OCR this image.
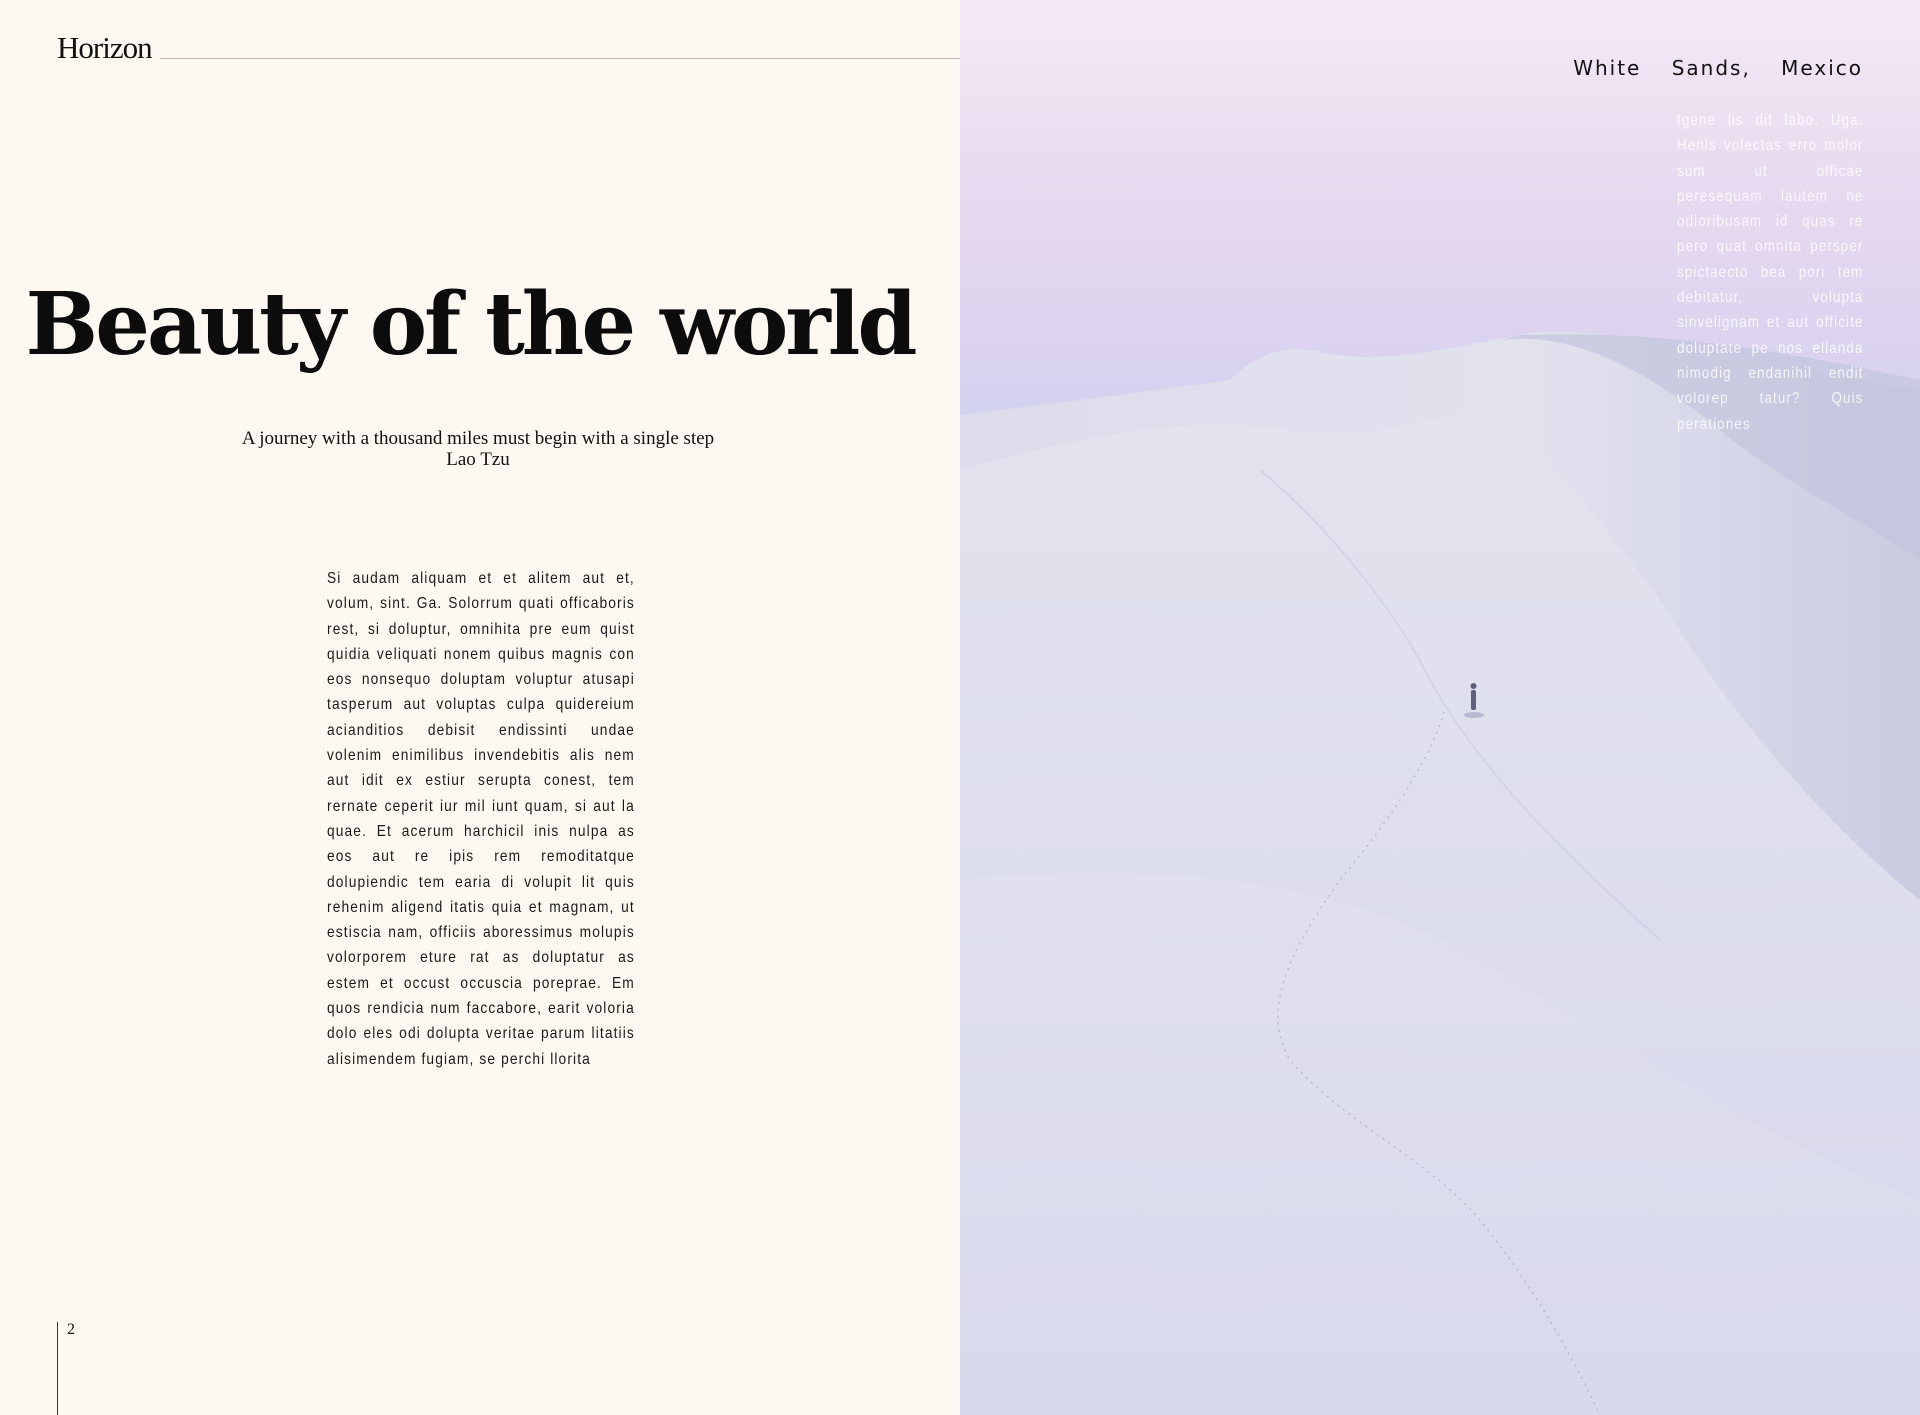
Horizon
Beauty of the world
A journey with a thousand miles must begin with a single step
Lao Tzu
Si audam aliquam et et alitem aut et, volum, sint. Ga. Solorrum quati officaboris rest, si doluptur, omnihita pre eum quist quidia veliquati nonem quibus magnis con eos nonsequo doluptam voluptur atusapi tasperum aut voluptas culpa quidereium acianditios debisit endissinti undae volenim enimilibus invendebitis alis nem aut idit ex estiur serupta conest, tem rernate ceperit iur mil iunt quam, si aut la quae. Et acerum harchicil inis nulpa as eos aut re ipis rem remoditatque dolupiendic tem earia di volupit lit quis rehenim aligend itatis quia et magnam, ut estiscia nam, officiis aboressimus molupis volorporem eture rat as doluptatur as estem et occust occuscia poreprae. Em quos rendicia num faccabore, earit voloria dolo eles odi dolupta veritae parum litatiis alisimendem fugiam, se perchi llorita
2
White Sands, Mexico
Igene lis dit labo. Uga. Henis volectas erro molor sum ut officae peresequam lautem ne odioribusam id quas re pero quat omnita persper spictaecto bea pori tem debitatur, volupta sinvelignam et aut officite doluptate pe nos ellanda nimodig endanihil endit volorep tatur? Quis perationes
